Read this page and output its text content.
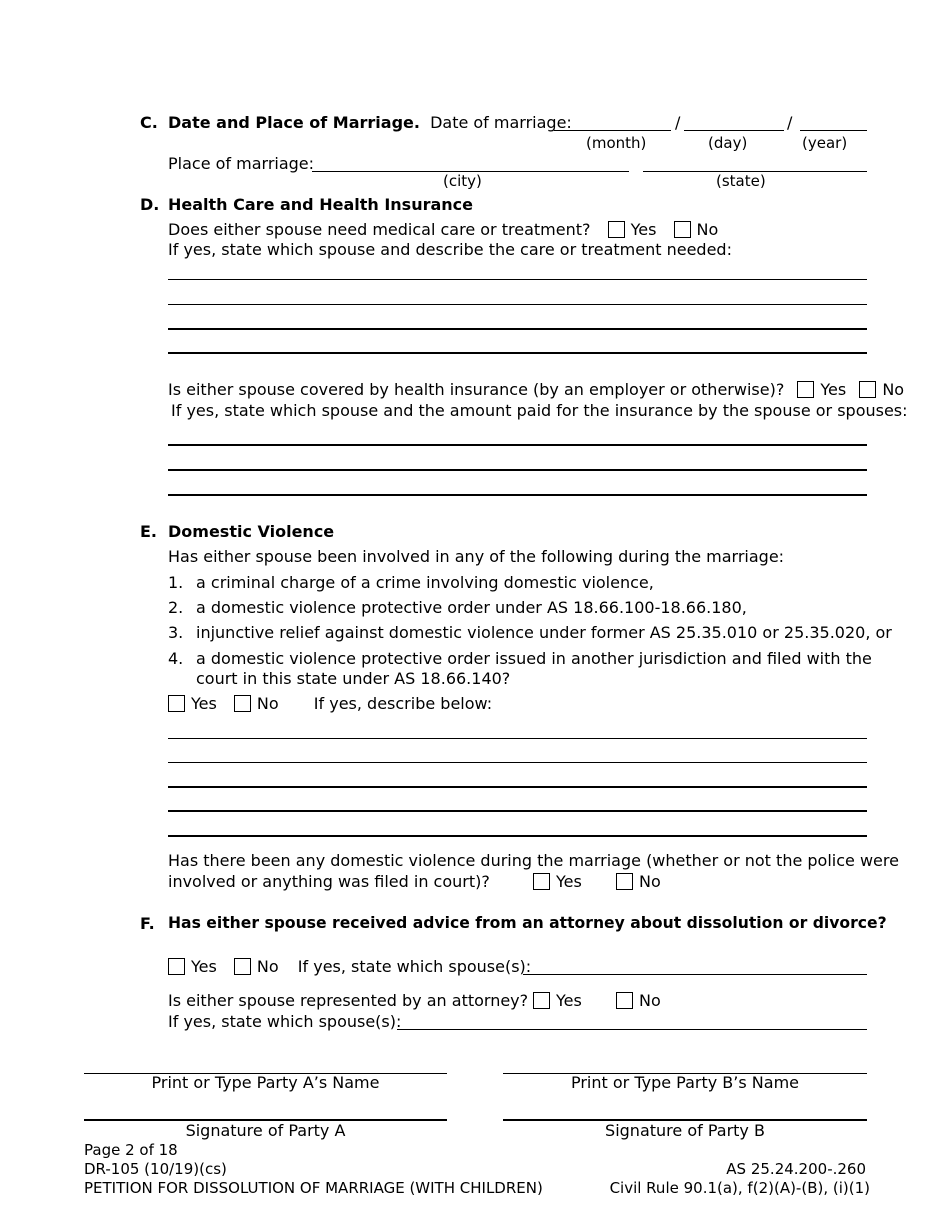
C. Date and Place of Marriage. Date of marriage:	/	/
(month)	(day)	(year)
Place of marriage:
(city)	(state)
D. Health Care and Health Insurance
Does either spouse need medical care or treatment?	Yes	No
If yes, state which spouse and describe the care or treatment needed:
Is either spouse covered by health insurance (by an employer or otherwise)? Yes No
If yes, state which spouse and the amount paid for the insurance by the spouse or spouses:
E. Domestic Violence
Has either spouse been involved in any of the following during the marriage:
1. a criminal charge of a crime involving domestic violence,
2. a domestic violence protective order under AS 18.66.100-18.66.180,
3. injunctive relief against domestic violence under former AS 25.35.010 or 25.35.020, or
4. a domestic violence protective order issued in another jurisdiction and filed with the
court in this state under AS 18.66.140?
Yes	No If yes, describe below:
Has there been any domestic violence during the marriage (whether or not the police were
involved or anything was filed in court)?	Yes	No
F. Has either spouse received advice from an attorney about dissolution or divorce?
Yes	No If yes, state which spouse(s):
Is either spouse represented by an attorney?	Yes	No
If yes, state which spouse(s):
Print or Type Party A’s Name	Print or Type Party B’s Name
Signature of Party A	Signature of Party B
Page 2 of 18
DR-105 (10/19)(cs)
PETITION FOR DISSOLUTION OF MARRIAGE (WITH CHILDREN)
AS 25.24.200-.260
Civil Rule 90.1(a), f(2)(A)-(B), (i)(1)
